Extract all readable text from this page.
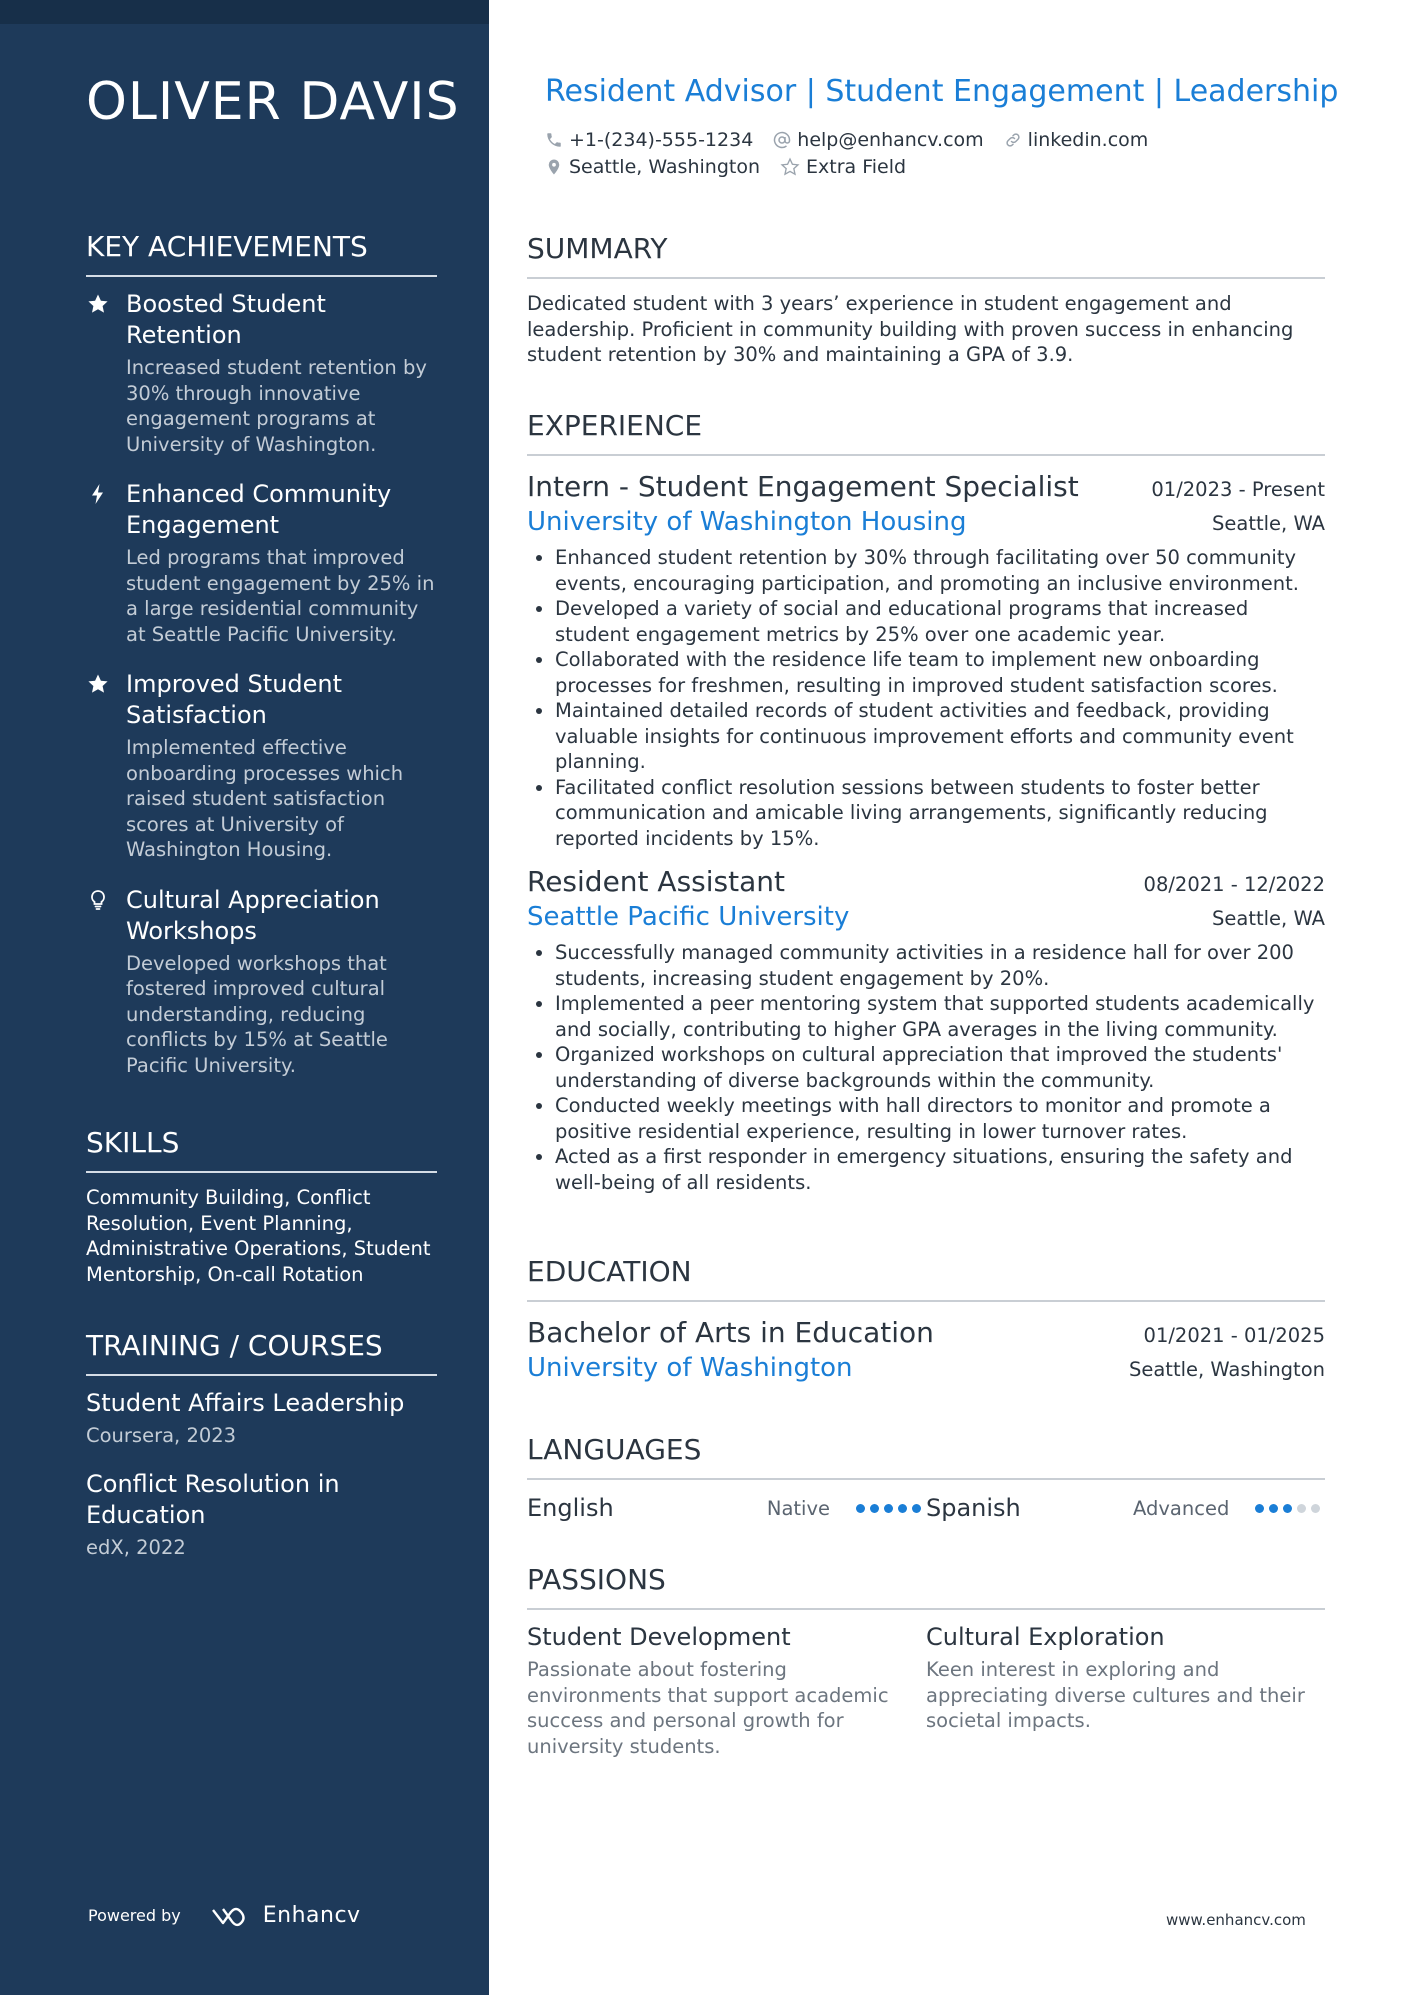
OLIVER DAVIS
KEY ACHIEVEMENTS
Boosted Student Retention
Increased student retention by 30% through innovative engagement programs at University of Washington.
Enhanced Community Engagement
Led programs that improved student engagement by 25% in a large residential community at Seattle Pacific University.
Improved Student Satisfaction
Implemented effective onboarding processes which raised student satisfaction scores at University of Washington Housing.
Cultural Appreciation Workshops
Developed workshops that fostered improved cultural understanding, reducing conflicts by 15% at Seattle Pacific University.
SKILLS
Community Building, Conflict Resolution, Event Planning, Administrative Operations, Student Mentorship, On-call Rotation
TRAINING / COURSES
Student Affairs Leadership
Coursera, 2023
Conflict Resolution in Education
edX, 2022
Powered by	Enhancv
Resident Advisor | Student Engagement | Leadership
+1-(234)-555-1234 help@enhancv.com linkedin.com
Seattle, Washington Extra Field
SUMMARY
Dedicated student with 3 years’ experience in student engagement and leadership. Proficient in community building with proven success in enhancing student retention by 30% and maintaining a GPA of 3.9.
EXPERIENCE
Intern - Student Engagement Specialist	01/2023 - Present
University of Washington Housing	Seattle, WA
• Enhanced student retention by 30% through facilitating over 50 community events, encouraging participation, and promoting an inclusive environment.
• Developed a variety of social and educational programs that increased student engagement metrics by 25% over one academic year.
• Collaborated with the residence life team to implement new onboarding processes for freshmen, resulting in improved student satisfaction scores.
• Maintained detailed records of student activities and feedback, providing valuable insights for continuous improvement efforts and community event planning.
• Facilitated conflict resolution sessions between students to foster better communication and amicable living arrangements, significantly reducing reported incidents by 15%.
Resident Assistant	08/2021 - 12/2022
Seattle Pacific University	Seattle, WA
• Successfully managed community activities in a residence hall for over 200 students, increasing student engagement by 20%.
• Implemented a peer mentoring system that supported students academically and socially, contributing to higher GPA averages in the living community.
• Organized workshops on cultural appreciation that improved the students' understanding of diverse backgrounds within the community.
• Conducted weekly meetings with hall directors to monitor and promote a positive residential experience, resulting in lower turnover rates.
• Acted as a first responder in emergency situations, ensuring the safety and well-being of all residents.
EDUCATION
Bachelor of Arts in Education	01/2021 - 01/2025
University of Washington	Seattle, Washington
LANGUAGES
English	Native	Spanish	Advanced
PASSIONS
Student Development
Passionate about fostering environments that support academic success and personal growth for university students.
Cultural Exploration
Keen interest in exploring and appreciating diverse cultures and their societal impacts.
www.enhancv.com
